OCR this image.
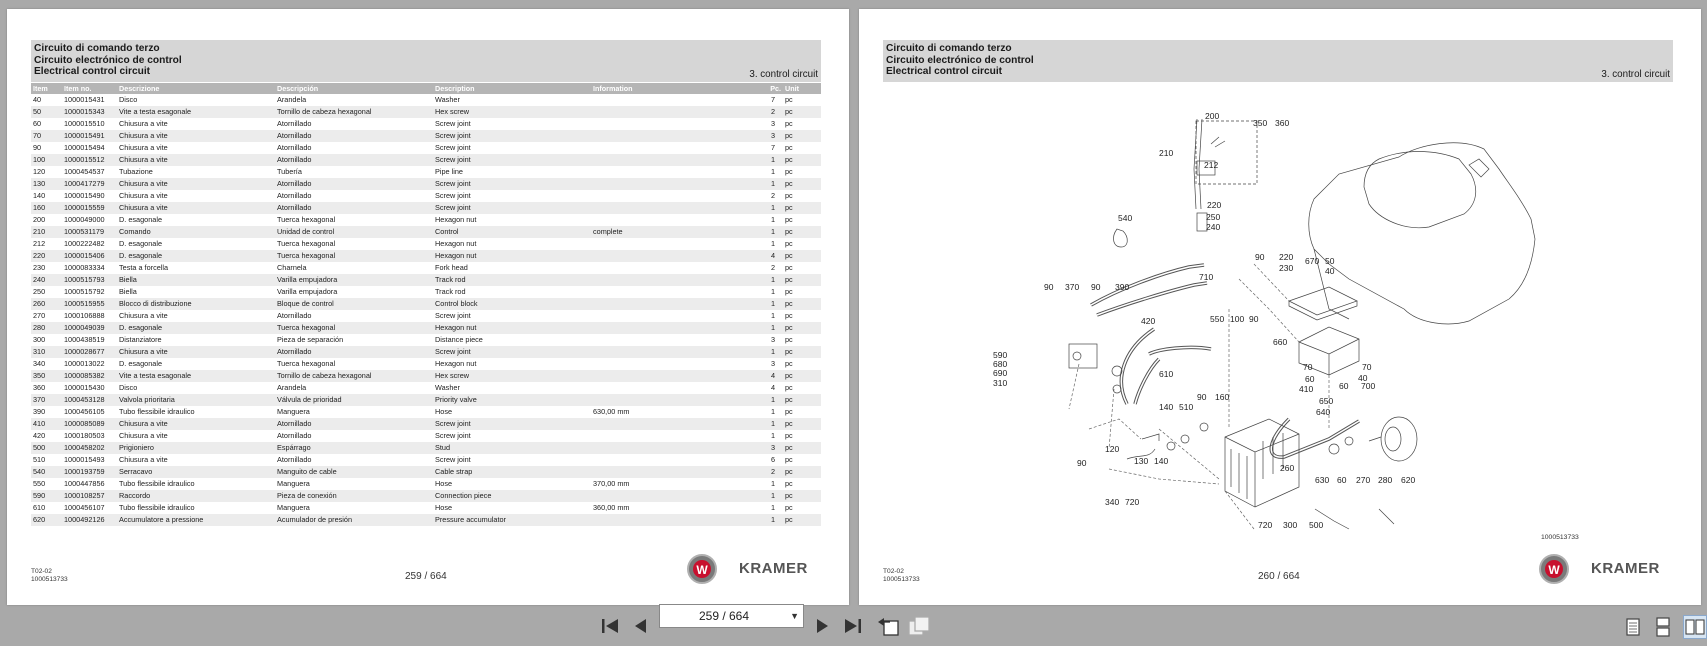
Circuito di comando terzo
Circuito electrónico de control
Electrical control circuit	3. control circuit
Item	Item no.	Descrizione	Descripción	Description	Information	Pc.	Unit
40	1000015431	Disco	Arandela	Washer		7	pc
50	1000015343	Vite a testa esagonale	Tornillo de cabeza hexagonal	Hex screw		2	pc
60	1000015510	Chiusura a vite	Atornillado	Screw joint		3	pc
70	1000015491	Chiusura a vite	Atornillado	Screw joint		3	pc
90	1000015494	Chiusura a vite	Atornillado	Screw joint		7	pc
100	1000015512	Chiusura a vite	Atornillado	Screw joint		1	pc
120	1000454537	Tubazione	Tubería	Pipe line		1	pc
130	1000417279	Chiusura a vite	Atornillado	Screw joint		1	pc
140	1000015490	Chiusura a vite	Atornillado	Screw joint		2	pc
160	1000015559	Chiusura a vite	Atornillado	Screw joint		1	pc
200	1000049000	D. esagonale	Tuerca hexagonal	Hexagon nut		1	pc
210	1000531179	Comando	Unidad de control	Control	complete	1	pc
212	1000222482	D. esagonale	Tuerca hexagonal	Hexagon nut		1	pc
220	1000015406	D. esagonale	Tuerca hexagonal	Hexagon nut		4	pc
230	1000083334	Testa a forcella	Charnela	Fork head		2	pc
240	1000515793	Biella	Varilla empujadora	Track rod		1	pc
250	1000515792	Biella	Varilla empujadora	Track rod		1	pc
260	1000515955	Blocco di distribuzione	Bloque de control	Control block		1	pc
270	1000106888	Chiusura a vite	Atornillado	Screw joint		1	pc
280	1000049039	D. esagonale	Tuerca hexagonal	Hexagon nut		1	pc
300	1000438519	Distanziatore	Pieza de separación	Distance piece		3	pc
310	1000028677	Chiusura a vite	Atornillado	Screw joint		1	pc
340	1000013022	D. esagonale	Tuerca hexagonal	Hexagon nut		3	pc
350	1000085382	Vite a testa esagonale	Tornillo de cabeza hexagonal	Hex screw		4	pc
360	1000015430	Disco	Arandela	Washer		4	pc
370	1000453128	Valvola prioritaria	Válvula de prioridad	Priority valve		1	pc
390	1000456105	Tubo flessibile idraulico	Manguera	Hose	630,00 mm	1	pc
410	1000085089	Chiusura a vite	Atornillado	Screw joint		1	pc
420	1000180503	Chiusura a vite	Atornillado	Screw joint		1	pc
500	1000458202	Prigioniero	Espárrago	Stud		3	pc
510	1000015493	Chiusura a vite	Atornillado	Screw joint		6	pc
540	1000193759	Serracavo	Manguito de cable	Cable strap		2	pc
550	1000447856	Tubo flessibile idraulico	Manguera	Hose	370,00 mm	1	pc
590	1000108257	Raccordo	Pieza de conexión	Connection piece		1	pc
610	1000456107	Tubo flessibile idraulico	Manguera	Hose	360,00 mm	1	pc
620	1000492126	Accumulatore a pressione	Acumulador de presión	Pressure accumulator		1	pc
T02-02
1000513733	259 / 664	W KRAMER
Circuito di comando terzo
Circuito electrónico de control
Electrical control circuit	3. control circuit
200
350 360
210
212
540
220
250
240
90 220
230
670 50
40
90 370 90 390
710
420	550 100 90
660
590
680
690
310
610
70	70
60	40
410	700
650
60
640
140 510
90 160
120
130 140
90	260
630 60 270 280 620
340 720
720 300 500
1000513733
T02-02
1000513733	260 / 664	W KRAMER
259 / 664	▼
